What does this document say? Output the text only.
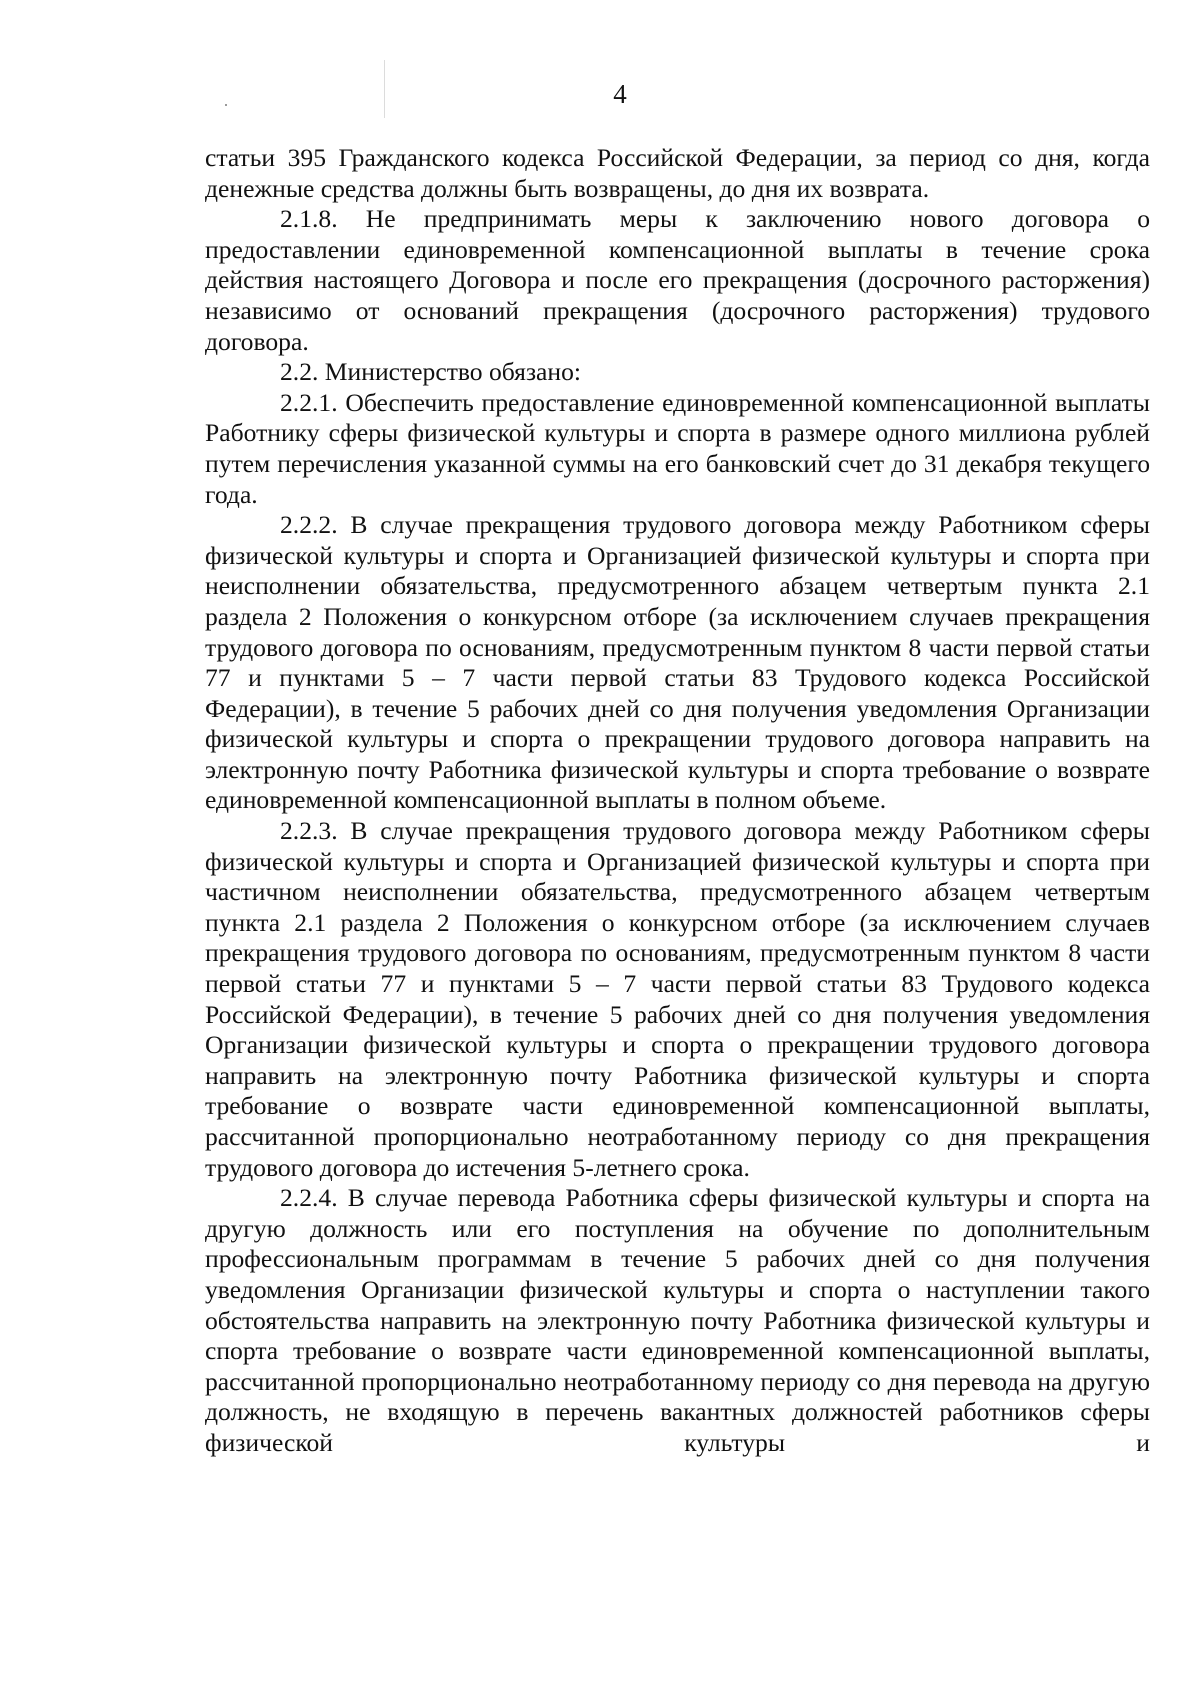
4

статьи 395 Гражданского кодекса Российской Федерации, за период со дня, когда денежные средства должны быть возвращены, до дня их возврата.

2.1.8. Не предпринимать меры к заключению нового договора о предоставлении единовременной компенсационной выплаты в течение срока действия настоящего Договора и после его прекращения (досрочного расторжения) независимо от оснований прекращения (досрочного расторжения) трудового договора.

2.2. Министерство обязано:

2.2.1. Обеспечить предоставление единовременной компенсационной выплаты Работнику сферы физической культуры и спорта в размере одного миллиона рублей путем перечисления указанной суммы на его банковский счет до 31 декабря текущего года.

2.2.2. В случае прекращения трудового договора между Работником сферы физической культуры и спорта и Организацией физической культуры и спорта при неисполнении обязательства, предусмотренного абзацем четвертым пункта 2.1 раздела 2 Положения о конкурсном отборе (за исключением случаев прекращения трудового договора по основаниям, предусмотренным пунктом 8 части первой статьи 77 и пунктами 5 – 7 части первой статьи 83 Трудового кодекса Российской Федерации), в течение 5 рабочих дней со дня получения уведомления Организации физической культуры и спорта о прекращении трудового договора направить на электронную почту Работника физической культуры и спорта требование о возврате единовременной компенсационной выплаты в полном объеме.

2.2.3. В случае прекращения трудового договора между Работником сферы физической культуры и спорта и Организацией физической культуры и спорта при частичном неисполнении обязательства, предусмотренного абзацем четвертым пункта 2.1 раздела 2 Положения о конкурсном отборе (за исключением случаев прекращения трудового договора по основаниям, предусмотренным пунктом 8 части первой статьи 77 и пунктами 5 – 7 части первой статьи 83 Трудового кодекса Российской Федерации), в течение 5 рабочих дней со дня получения уведомления Организации физической культуры и спорта о прекращении трудового договора направить на электронную почту Работника физической культуры и спорта требование о возврате части единовременной компенсационной выплаты, рассчитанной пропорционально неотработанному периоду со дня прекращения трудового договора до истечения 5-летнего срока.

2.2.4. В случае перевода Работника сферы физической культуры и спорта на другую должность или его поступления на обучение по дополнительным профессиональным программам в течение 5 рабочих дней со дня получения уведомления Организации физической культуры и спорта о наступлении такого обстоятельства направить на электронную почту Работника физической культуры и спорта требование о возврате части единовременной компенсационной выплаты, рассчитанной пропорционально неотработанному периоду со дня перевода на другую должность, не входящую в перечень вакантных должностей работников сферы физической культуры и
